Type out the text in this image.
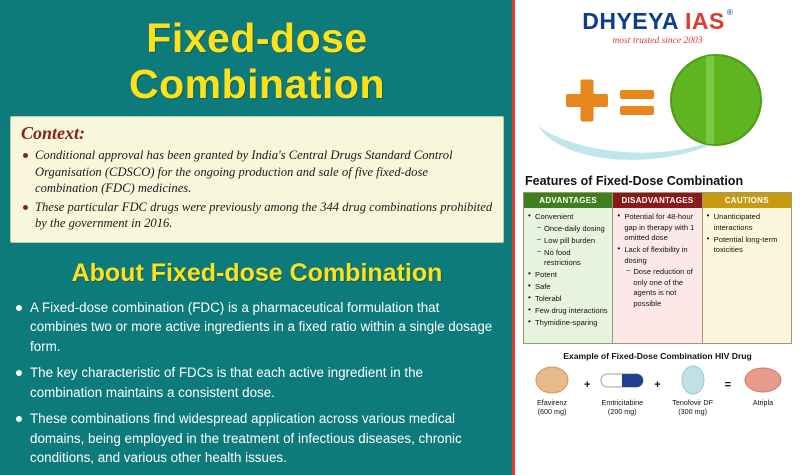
Fixed-dose
Combination
Context:
Conditional approval has been granted by India's Central Drugs Standard Control Organisation (CDSCO) for the ongoing production and sale of five fixed-dose combination (FDC) medicines.
These particular FDC drugs were previously among the 344 drug combinations prohibited by the government in 2016.
About Fixed-dose Combination
A Fixed-dose combination (FDC) is a pharmaceutical formulation that combines two or more active ingredients in a fixed ratio within a single dosage form.
The key characteristic of FDCs is that each active ingredient in the combination maintains a consistent dose.
These combinations find widespread application across various medical domains, being employed in the treatment of infectious diseases, chronic conditions, and various other health issues.
DHYEYA IAS ®
most trusted since 2003
Features of Fixed-Dose Combination
ADVANTAGES
• Convenient
– Once-daily dosing
– Low pill burden
– No food restrictions
• Potent
• Safe
• Tolerabl
• Few drug interactions
• Thymidine-sparing
DISADVANTAGES
• Potential for 48-hour gap in therapy with 1 omitted dose
• Lack of flexibility in dosing
– Dose reduction of only one of the agents is not possible
CAUTIONS
• Unanticipated interactions
• Potential long-term toxicities
Example of Fixed-Dose Combination HIV Drug
Efavirenz
(600 mg)
+
Emtricitabine
(200 mg)
+
Tenofovir DF
(300 mg)
=
Atripla
